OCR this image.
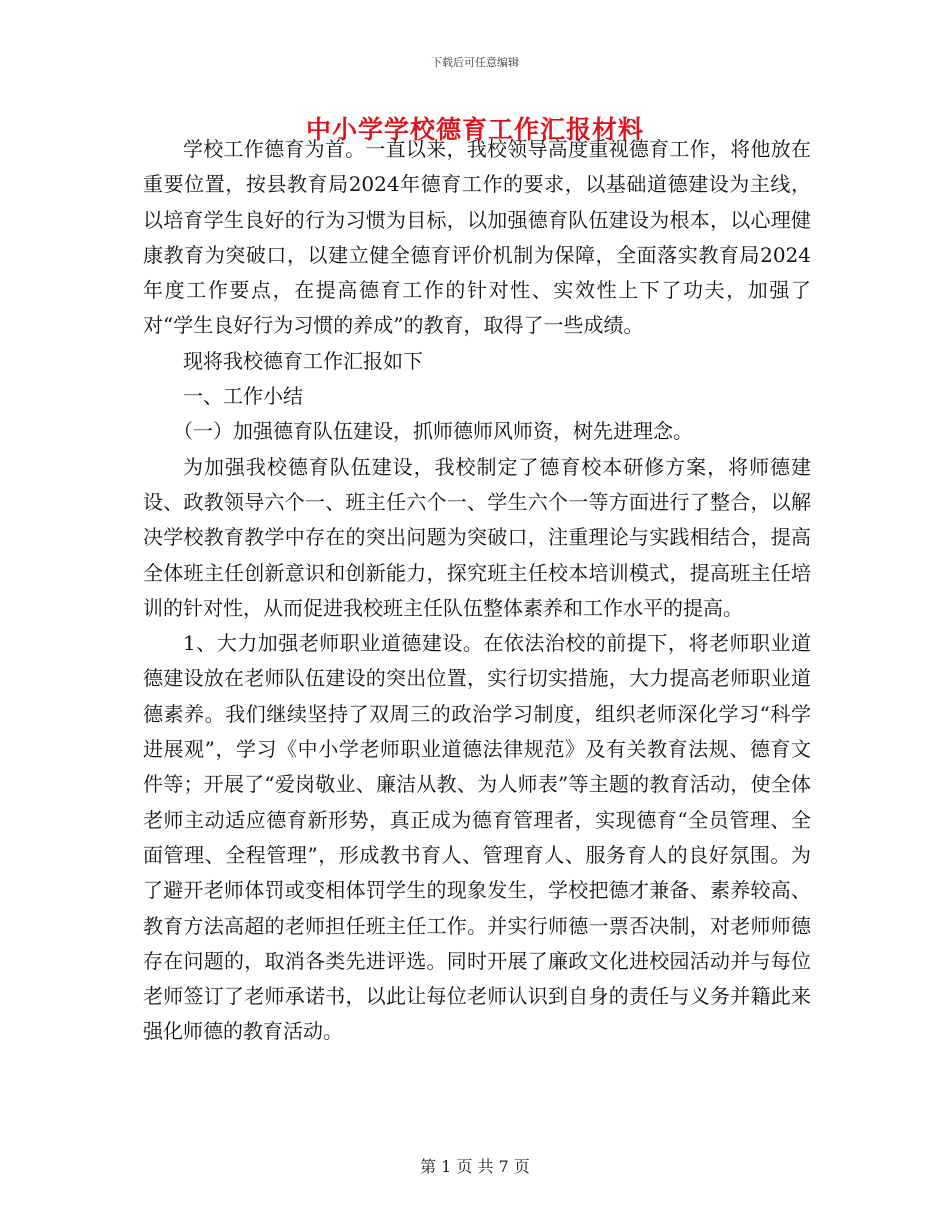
下载后可任意编辑
中小学学校德育工作汇报材料

学校工作德育为首。一直以来，我校领导高度重视德育工作，将他放在重要位置，按县教育局2024年德育工作的要求，以基础道德建设为主线，以培育学生良好的行为习惯为目标，以加强德育队伍建设为根本，以心理健康教育为突破口，以建立健全德育评价机制为保障，全面落实教育局2024年度工作要点，在提高德育工作的针对性、实效性上下了功夫，加强了对“学生良好行为习惯的养成”的教育，取得了一些成绩。

现将我校德育工作汇报如下

一、工作小结

（一）加强德育队伍建设，抓师德师风师资，树先进理念。

为加强我校德育队伍建设，我校制定了德育校本研修方案，将师德建设、政教领导六个一、班主任六个一、学生六个一等方面进行了整合，以解决学校教育教学中存在的突出问题为突破口，注重理论与实践相结合，提高全体班主任创新意识和创新能力，探究班主任校本培训模式，提高班主任培训的针对性，从而促进我校班主任队伍整体素养和工作水平的提高。

1、大力加强老师职业道德建设。在依法治校的前提下，将老师职业道德建设放在老师队伍建设的突出位置，实行切实措施，大力提高老师职业道德素养。我们继续坚持了双周三的政治学习制度，组织老师深化学习“科学进展观”，学习《中小学老师职业道德法律规范》及有关教育法规、德育文件等；开展了“爱岗敬业、廉洁从教、为人师表”等主题的教育活动，使全体老师主动适应德育新形势，真正成为德育管理者，实现德育“全员管理、全面管理、全程管理”，形成教书育人、管理育人、服务育人的良好氛围。为了避开老师体罚或变相体罚学生的现象发生，学校把德才兼备、素养较高、教育方法高超的老师担任班主任工作。并实行师德一票否决制，对老师师德存在问题的，取消各类先进评选。同时开展了廉政文化进校园活动并与每位老师签订了老师承诺书，以此让每位老师认识到自身的责任与义务并籍此来强化师德的教育活动。

第 1 页 共 7 页
